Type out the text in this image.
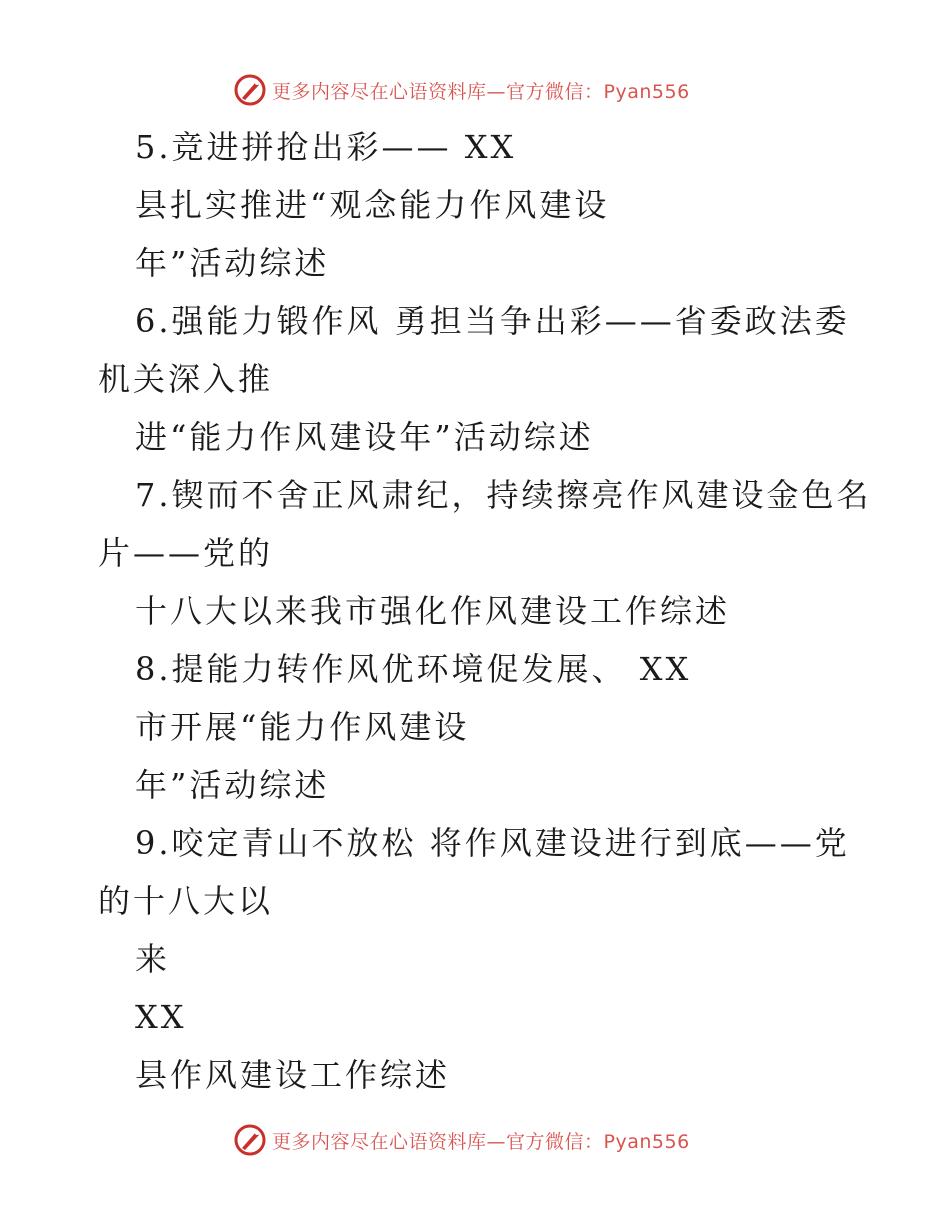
更多内容尽在心语资料库—官方微信：Pyan556
5.竞进拼抢出彩—— XX
县扎实推进“观念能力作风建设
年”活动综述
6.强能力锻作风 勇担当争出彩——省委政法委
机关深入推
进“能力作风建设年”活动综述
7.锲而不舍正风肃纪，持续擦亮作风建设金色名
片——党的
十八大以来我市强化作风建设工作综述
8.提能力转作风优环境促发展、 XX
市开展“能力作风建设
年”活动综述
9.咬定青山不放松 将作风建设进行到底——党
的十八大以
来
XX
县作风建设工作综述
更多内容尽在心语资料库—官方微信：Pyan556
